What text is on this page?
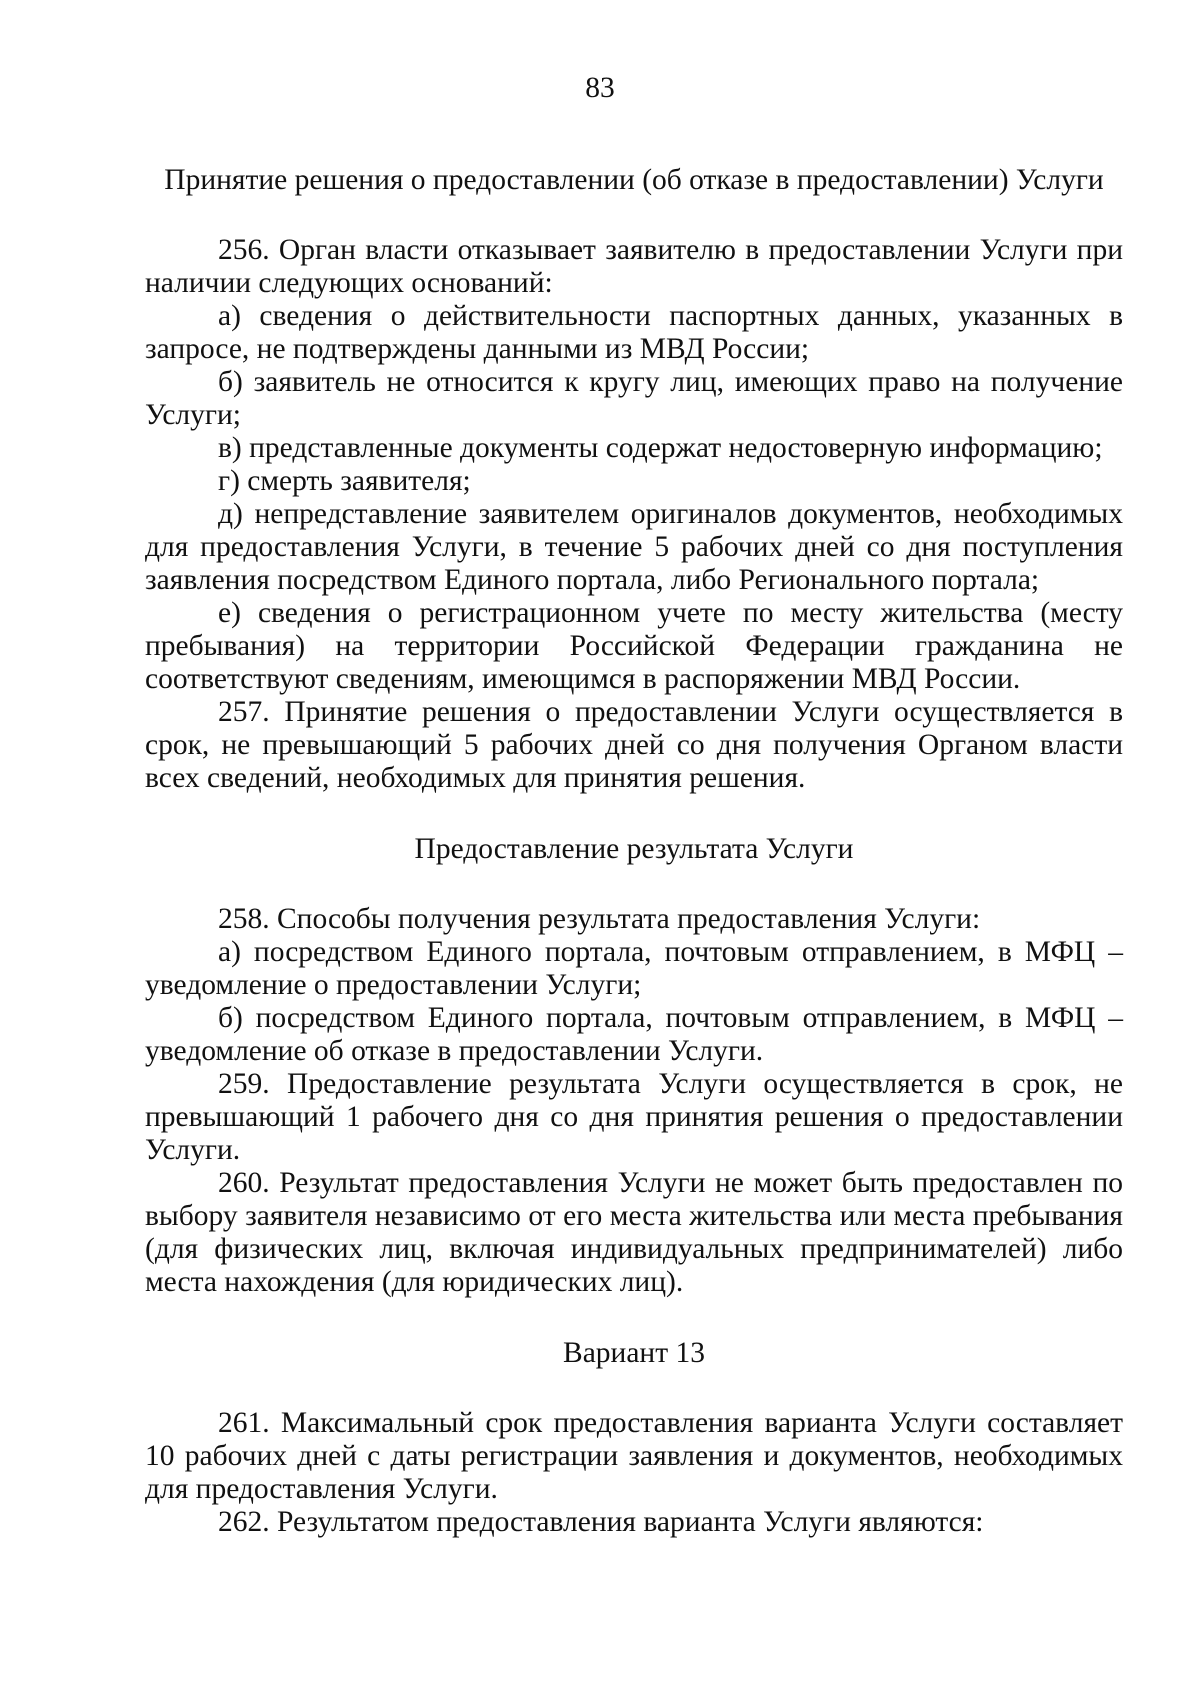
83

Принятие решения о предоставлении (об отказе в предоставлении) Услуги

256. Орган власти отказывает заявителю в предоставлении Услуги при наличии следующих оснований:

а) сведения о действительности паспортных данных, указанных в запросе, не подтверждены данными из МВД России;

б) заявитель не относится к кругу лиц, имеющих право на получение Услуги;

в) представленные документы содержат недостоверную информацию;

г) смерть заявителя;

д) непредставление заявителем оригиналов документов, необходимых для предоставления Услуги, в течение 5 рабочих дней со дня поступления заявления посредством Единого портала, либо Регионального портала;

е) сведения о регистрационном учете по месту жительства (месту пребывания) на территории Российской Федерации гражданина не соответствуют сведениям, имеющимся в распоряжении МВД России.

257. Принятие решения о предоставлении Услуги осуществляется в срок, не превышающий 5 рабочих дней со дня получения Органом власти всех сведений, необходимых для принятия решения.

Предоставление результата Услуги

258. Способы получения результата предоставления Услуги:

а) посредством Единого портала, почтовым отправлением, в МФЦ – уведомление о предоставлении Услуги;

б) посредством Единого портала, почтовым отправлением, в МФЦ – уведомление об отказе в предоставлении Услуги.

259. Предоставление результата Услуги осуществляется в срок, не превышающий 1 рабочего дня со дня принятия решения о предоставлении Услуги.

260. Результат предоставления Услуги не может быть предоставлен по выбору заявителя независимо от его места жительства или места пребывания (для физических лиц, включая индивидуальных предпринимателей) либо места нахождения (для юридических лиц).

Вариант 13

261. Максимальный срок предоставления варианта Услуги составляет 10 рабочих дней с даты регистрации заявления и документов, необходимых для предоставления Услуги.

262. Результатом предоставления варианта Услуги являются:
